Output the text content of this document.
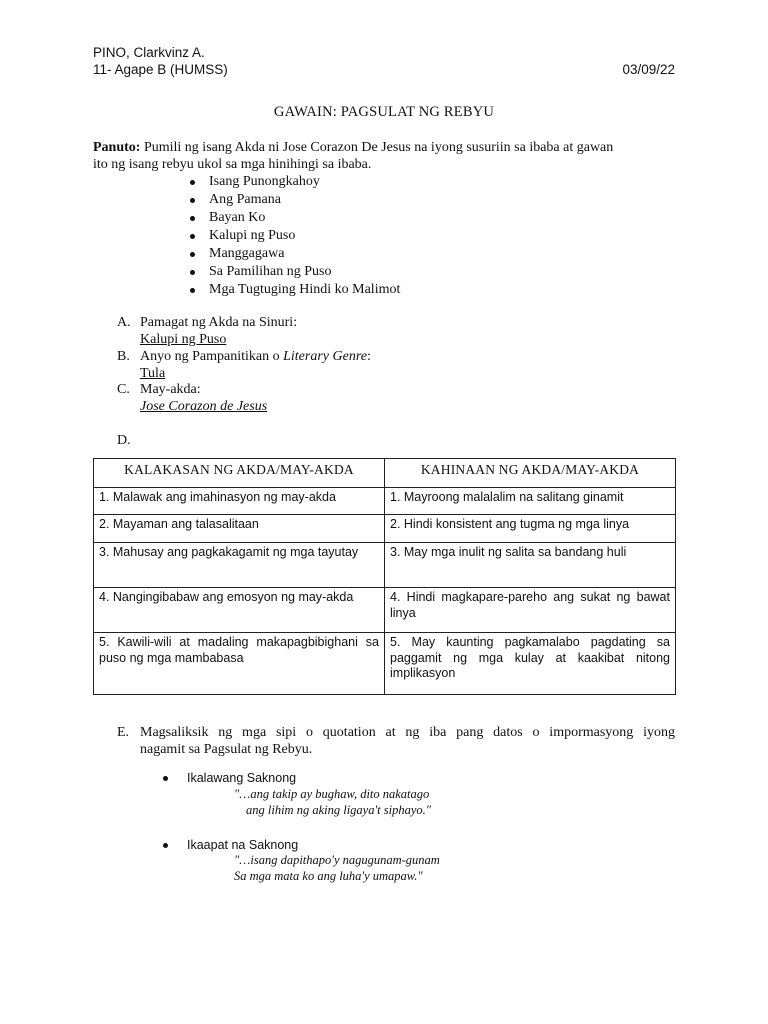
PINO, Clarkvinz A.
11- Agape B (HUMSS)	03/09/22
GAWAIN: PAGSULAT NG REBYU
Panuto: Pumili ng isang Akda ni Jose Corazon De Jesus na iyong susuriin sa ibaba at gawan
ito ng isang rebyu ukol sa mga hinihingi sa ibaba.
Isang Punongkahoy
Ang Pamana
Bayan Ko
Kalupi ng Puso
Manggagawa
Sa Pamilihan ng Puso
Mga Tugtuging Hindi ko Malimot
A. Pamagat ng Akda na Sinuri:
Kalupi ng Puso
B. Anyo ng Pampanitikan o Literary Genre:
Tula
C. May-akda:
Jose Corazon de Jesus
D.
KALAKASAN NG AKDA/MAY-AKDA	KAHINAAN NG AKDA/MAY-AKDA
1. Malawak ang imahinasyon ng may-akda	1. Mayroong malalalim na salitang ginamit
2. Mayaman ang talasalitaan	2. Hindi konsistent ang tugma ng mga linya
3. Mahusay ang pagkakagamit ng mga tayutay	3. May mga inulit ng salita sa bandang huli
4. Nangingibabaw ang emosyon ng may-akda	4. Hindi magkapare-pareho ang sukat ng bawat linya
5. Kawili-wili at madaling makapagbibighani sa puso ng mga mambabasa	5. May kaunting pagkamalabo pagdating sa paggamit ng mga kulay at kaakibat nitong implikasyon
E. Magsaliksik ng mga sipi o quotation at ng iba pang datos o impormasyong iyong
nagamit sa Pagsulat ng Rebyu.
Ikalawang Saknong
"…ang takip ay bughaw, dito nakatago
ang lihim ng aking ligaya't siphayo."
Ikaapat na Saknong
"…isang dapithapo'y nagugunam-gunam
Sa mga mata ko ang luha'y umapaw."
